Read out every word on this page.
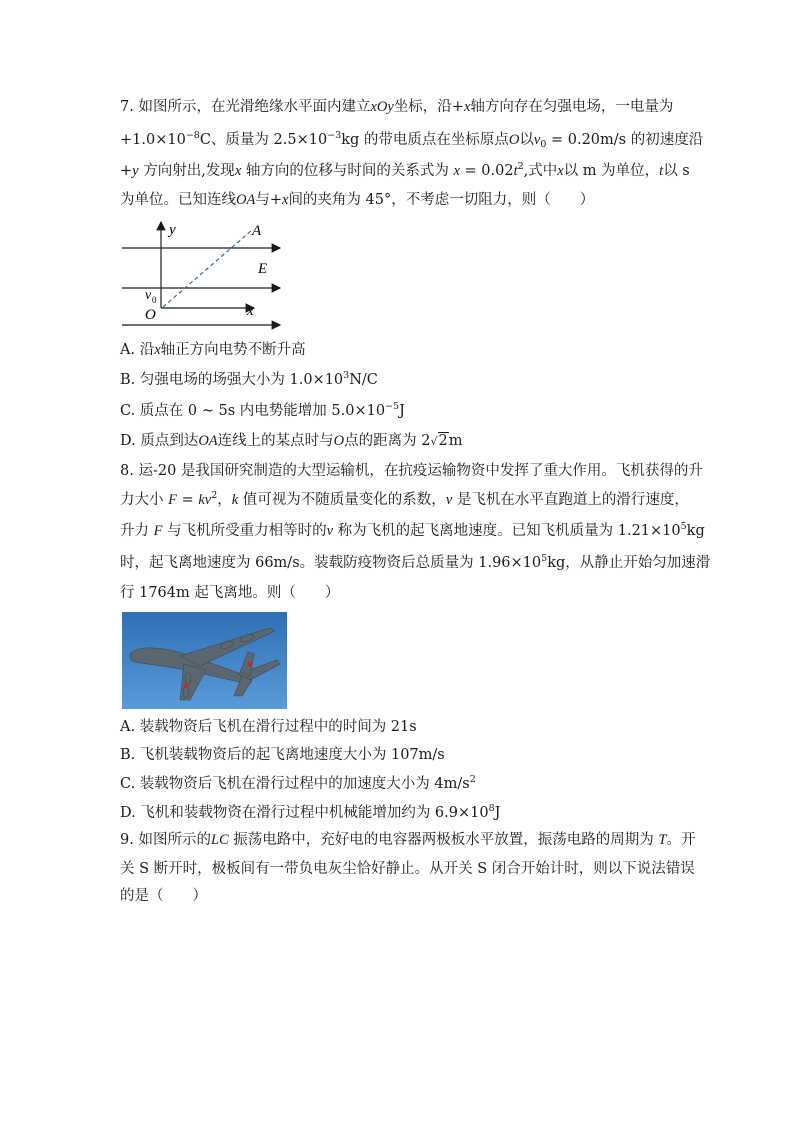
7. 如图所示，在光滑绝缘水平面内建立xOy坐标，沿+x轴方向存在匀强电场，一电量为
$+1.0\times 10^{-8}C$、质量为 $2.5\times 10^{-3}kg$ 的带电质点在坐标原点O以$v_0 = 0.20m/s$ 的初速度沿
+y 方向射出,发现x 轴方向的位移与时间的关系式为 $x = 0.02t^2$,式中x以 m 为单位，t以 s
为单位。已知连线OA与+x间的夹角为 45°，不考虑一切阻力，则（　　）
y	A
E
v 0
O	x
A. 沿x轴正方向电势不断升高
B. 匀强电场的场强大小为 $1.0\times 10^3N/C$
C. 质点在 0 ~ 5s 内电势能增加 $5.0\times 10^{-5}J$
D. 质点到达OA连线上的某点时与O点的距离为 2√2m
8. 运-20 是我国研究制造的大型运输机，在抗疫运输物资中发挥了重大作用。飞机获得的升
力大小 $F = kv^2$，k 值可视为不随质量变化的系数，v 是飞机在水平直跑道上的滑行速度，
升力 F 与飞机所受重力相等时的v 称为飞机的起飞离地速度。已知飞机质量为 $1.21\times 10^5kg$
时，起飞离地速度为 66m/s。装载防疫物资后总质量为 $1.96\times 10^5kg$，从静止开始匀加速滑
行 1764m 起飞离地。则（　　）
A. 装载物资后飞机在滑行过程中的时间为 21s
B. 飞机装载物资后的起飞离地速度大小为 107m/s
C. 装载物资后飞机在滑行过程中的加速度大小为 $4m/s^2$
D. 飞机和装载物资在滑行过程中机械能增加约为 $6.9\times 10^8J$
9. 如图所示的LC 振荡电路中，充好电的电容器两极板水平放置，振荡电路的周期为 T。开
关 S 断开时，极板间有一带负电灰尘恰好静止。从开关 S 闭合开始计时，则以下说法错误
的是（　　）
